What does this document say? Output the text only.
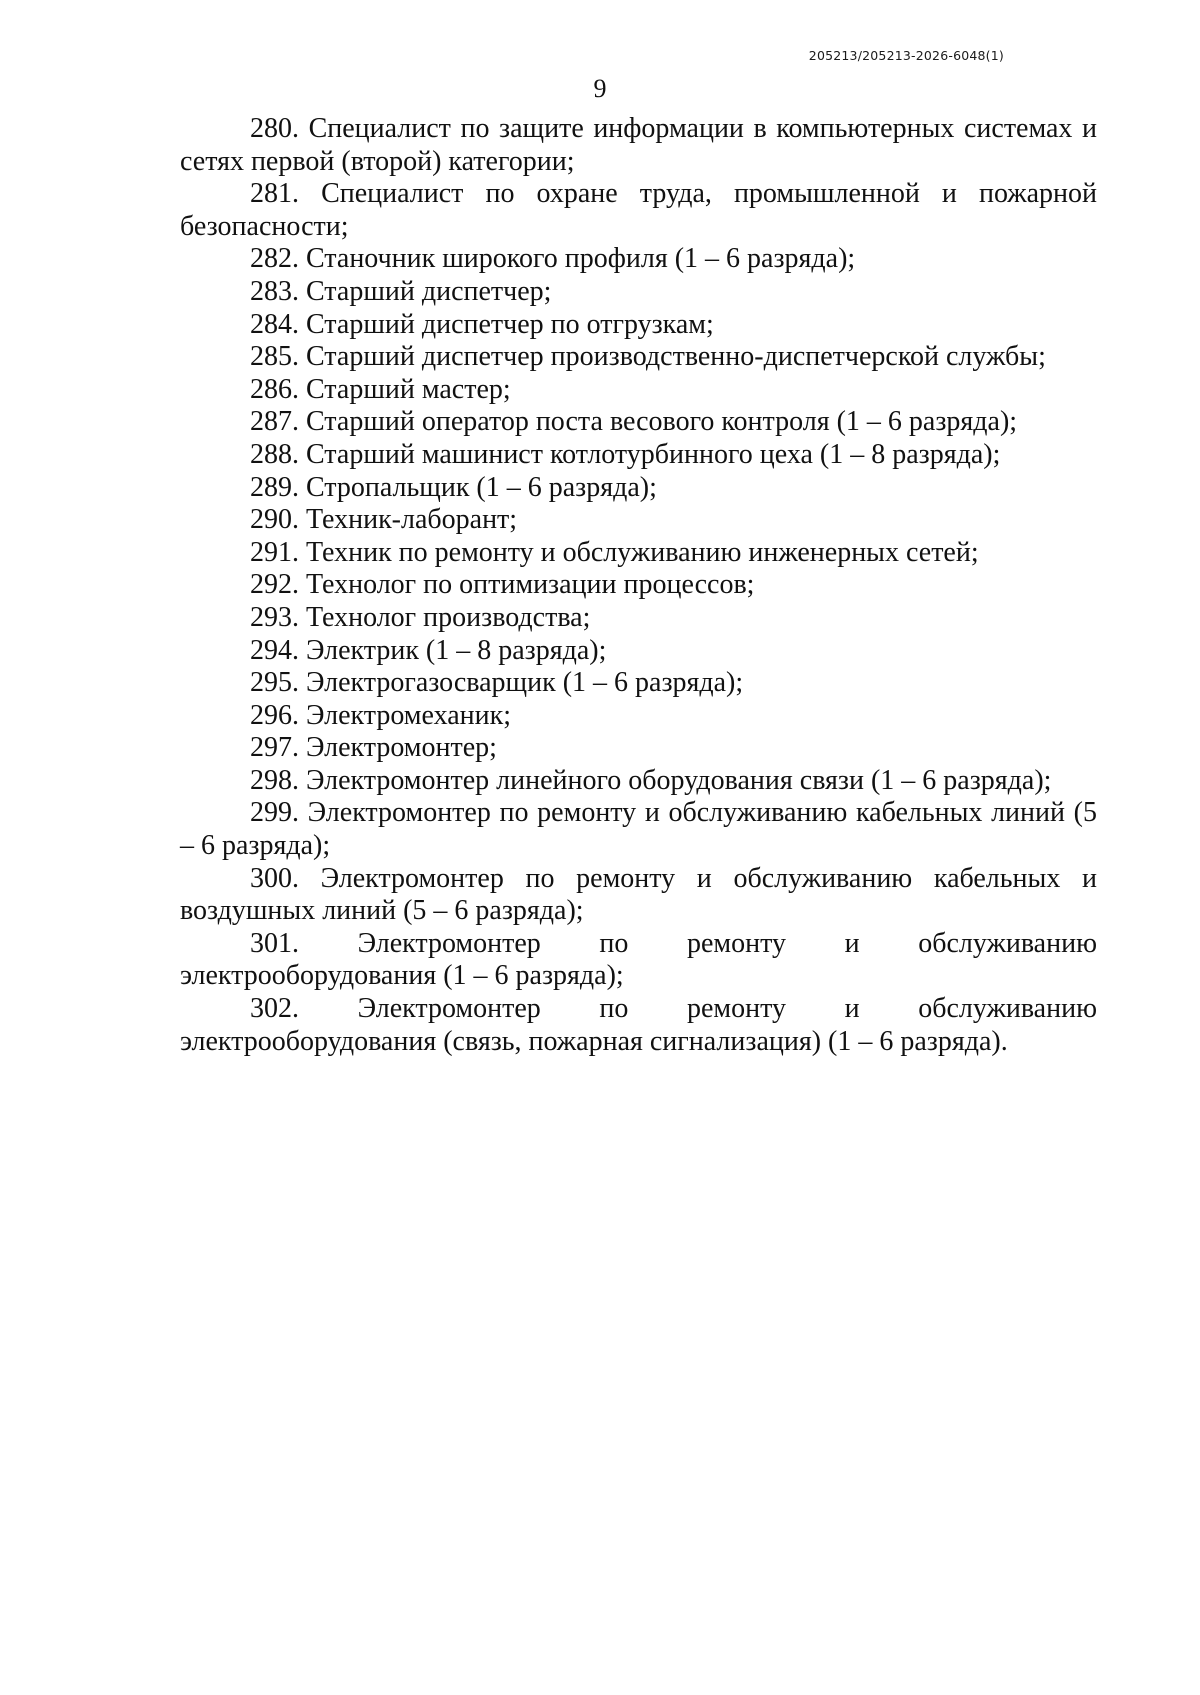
205213/205213-2026-6048(1)
9

280. Специалист по защите информации в компьютерных системах и сетях первой (второй) категории;

281. Специалист по охране труда, промышленной и пожарной безопасности;

282. Станочник широкого профиля (1 – 6 разряда);

283. Старший диспетчер;

284. Старший диспетчер по отгрузкам;

285. Старший диспетчер производственно-диспетчерской службы;

286. Старший мастер;

287. Старший оператор поста весового контроля (1 – 6 разряда);

288. Старший машинист котлотурбинного цеха (1 – 8 разряда);

289. Стропальщик (1 – 6 разряда);

290. Техник-лаборант;

291. Техник по ремонту и обслуживанию инженерных сетей;

292. Технолог по оптимизации процессов;

293. Технолог производства;

294. Электрик (1 – 8 разряда);

295. Электрогазосварщик (1 – 6 разряда);

296. Электромеханик;

297. Электромонтер;

298. Электромонтер линейного оборудования связи (1 – 6 разряда);

299. Электромонтер по ремонту и обслуживанию кабельных линий (5 – 6 разряда);

300. Электромонтер по ремонту и обслуживанию кабельных и воздушных линий (5 – 6 разряда);

301. Электромонтер по ремонту и обслуживанию электрооборудования (1 – 6 разряда);

302. Электромонтер по ремонту и обслуживанию электрооборудования (связь, пожарная сигнализация) (1 – 6 разряда).
